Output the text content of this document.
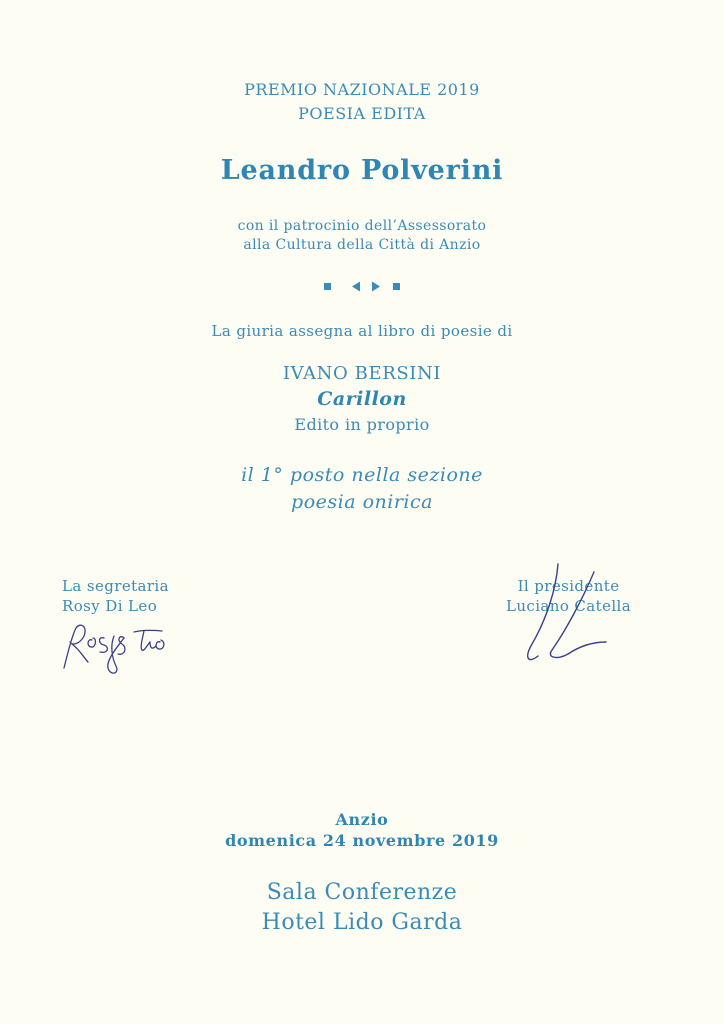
PREMIO NAZIONALE 2019
POESIA EDITA
Leandro Polverini
con il patrocinio dell’Assessorato
alla Cultura della Città di Anzio
La giuria assegna al libro di poesie di
IVANO BERSINI
Carillon
Edito in proprio
il 1° posto nella sezione
poesia onirica
La segretaria
Rosy Di Leo
Il presidente
Luciano Catella
Anzio
domenica 24 novembre 2019
Sala Conferenze
Hotel Lido Garda
